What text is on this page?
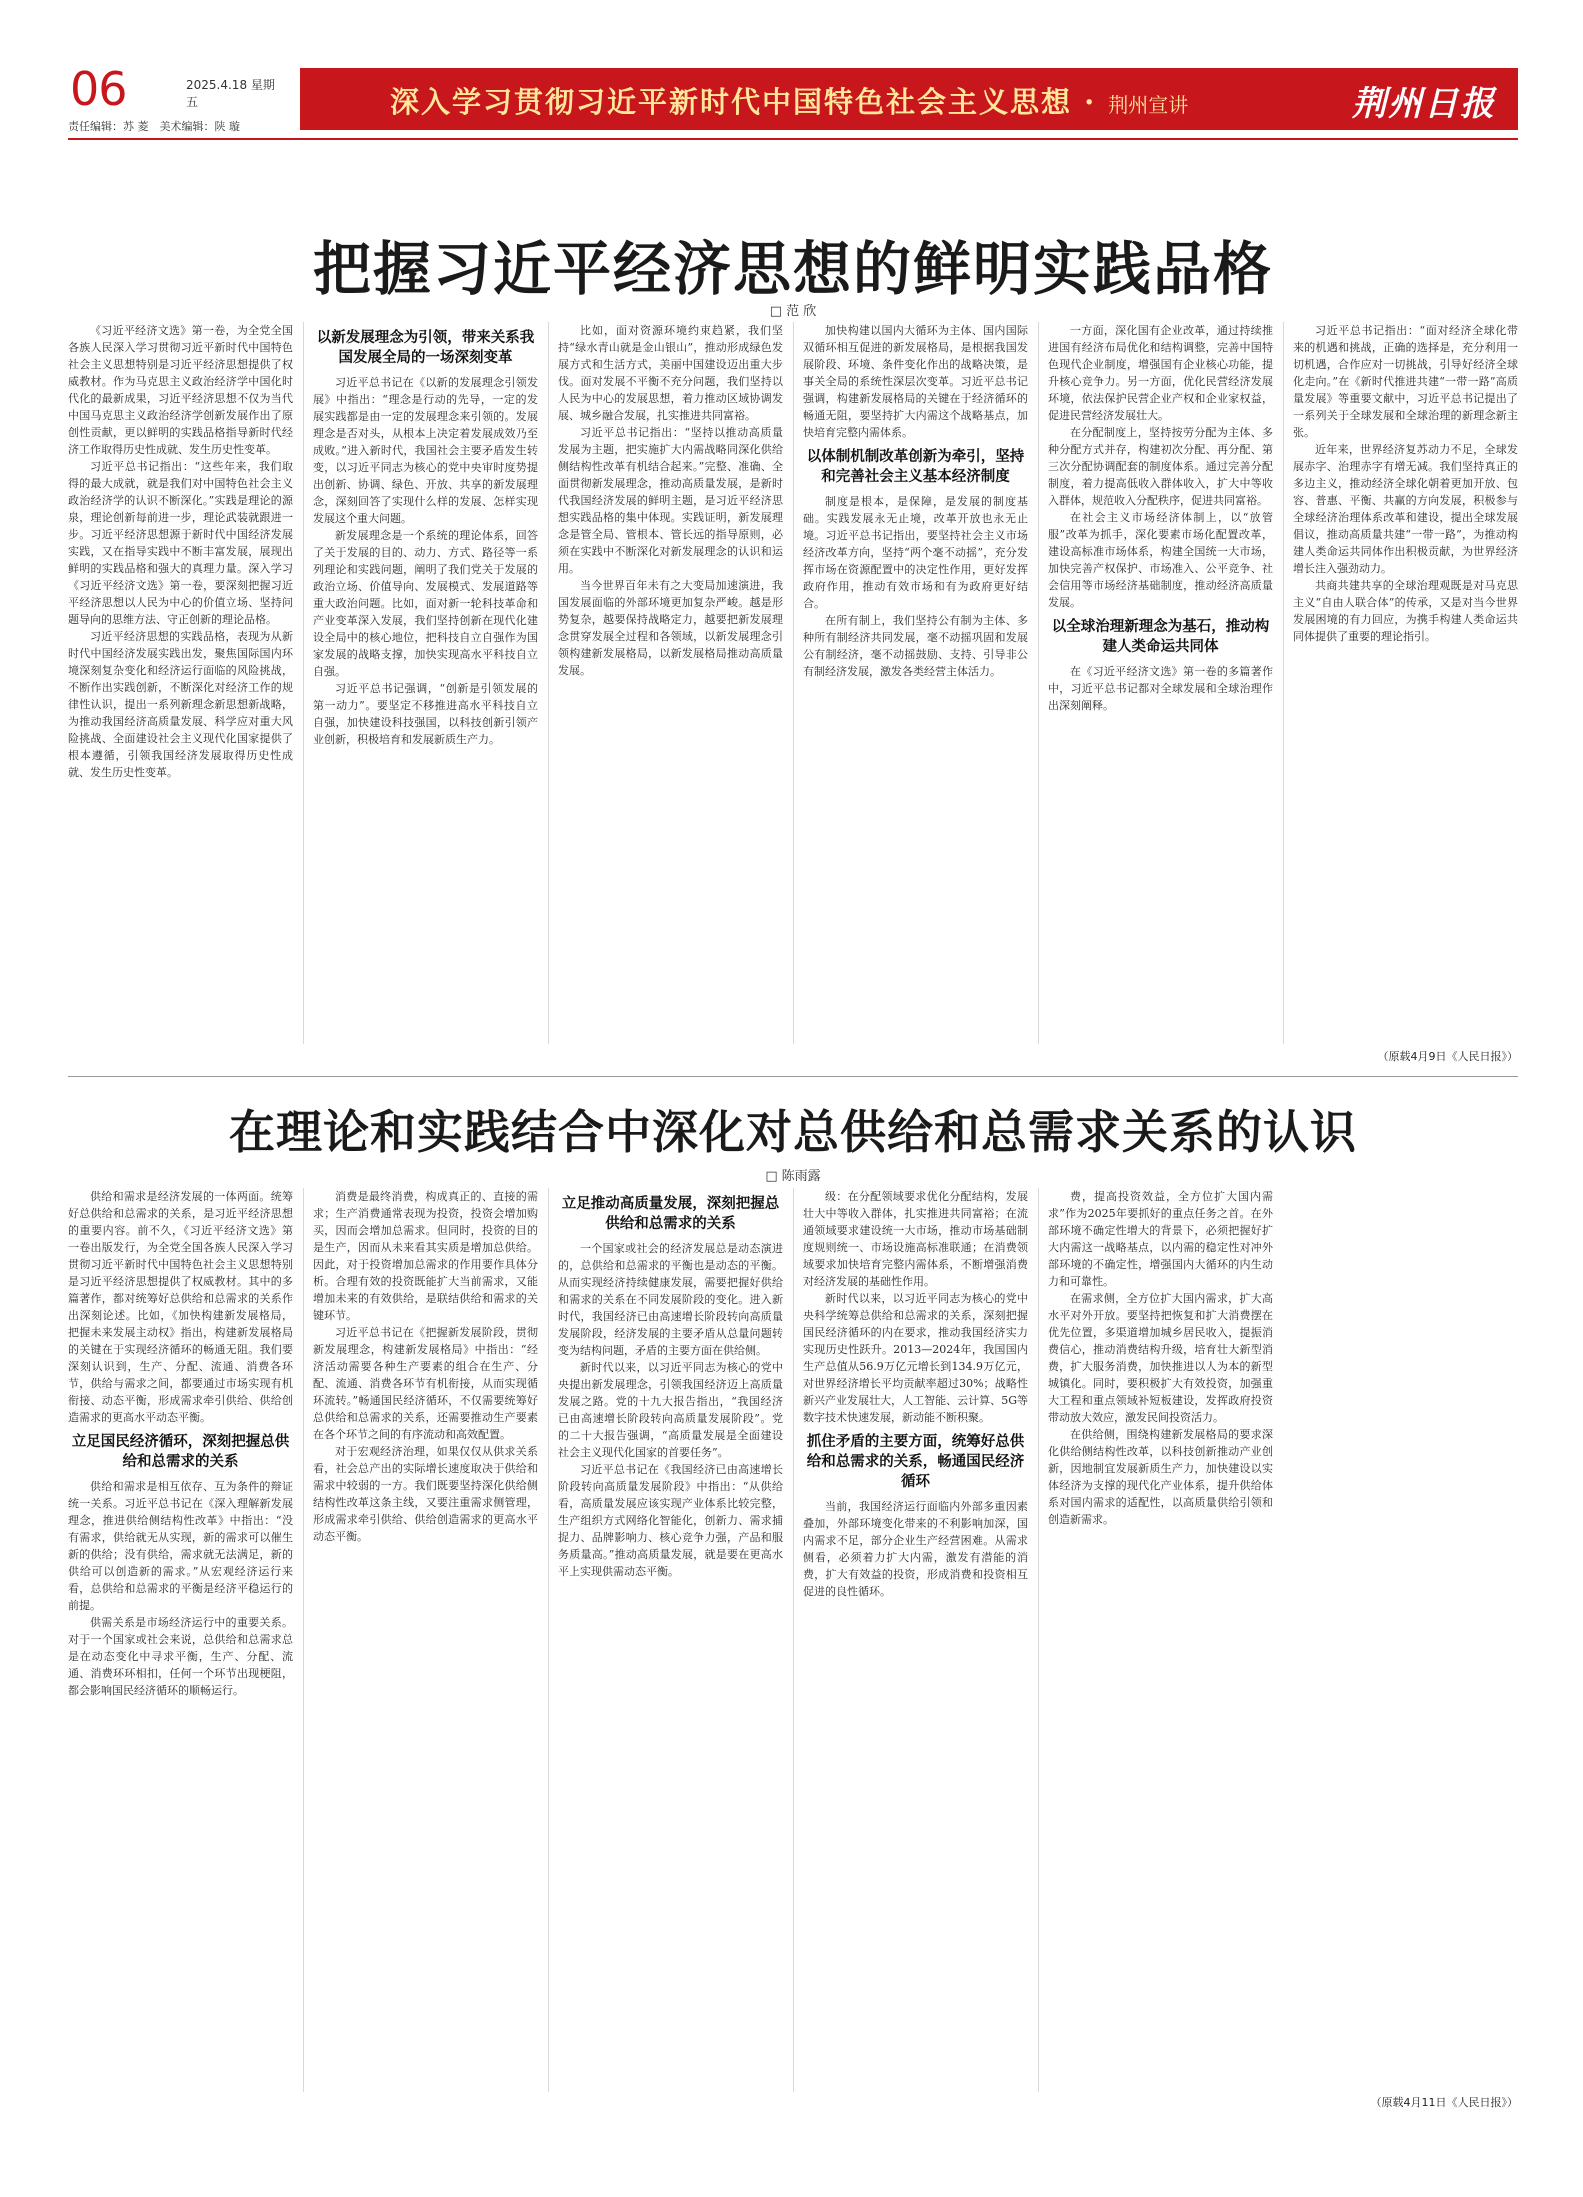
06	2025.4.18 星期五
责任编辑：苏 菱　美术编辑：陕 璇
深入学习贯彻习近平新时代中国特色社会主义思想 · 荆州宣讲	荆州日报
把握习近平经济思想的鲜明实践品格
□ 范 欣

《习近平经济文选》第一卷，为全党全国各族人民深入学习贯彻习近平新时代中国特色社会主义思想特别是习近平经济思想提供了权威教材。作为马克思主义政治经济学中国化时代化的最新成果，习近平经济思想不仅为当代中国马克思主义政治经济学创新发展作出了原创性贡献，更以鲜明的实践品格指导新时代经济工作取得历史性成就、发生历史性变革。

习近平总书记指出：“这些年来，我们取得的最大成就，就是我们对中国特色社会主义政治经济学的认识不断深化。”实践是理论的源泉，理论创新每前进一步，理论武装就跟进一步。习近平经济思想源于新时代中国经济发展实践，又在指导实践中不断丰富发展，展现出鲜明的实践品格和强大的真理力量。深入学习《习近平经济文选》第一卷，要深刻把握习近平经济思想以人民为中心的价值立场、坚持问题导向的思维方法、守正创新的理论品格。

习近平经济思想的实践品格，表现为从新时代中国经济发展实践出发，聚焦国际国内环境深刻复杂变化和经济运行面临的风险挑战，不断作出实践创新，不断深化对经济工作的规律性认识，提出一系列新理念新思想新战略，为推动我国经济高质量发展、科学应对重大风险挑战、全面建设社会主义现代化国家提供了根本遵循，引领我国经济发展取得历史性成就、发生历史性变革。

以新发展理念为引领，带来关系我国发展全局的一场深刻变革

习近平总书记在《以新的发展理念引领发展》中指出：“理念是行动的先导，一定的发展实践都是由一定的发展理念来引领的。发展理念是否对头，从根本上决定着发展成效乃至成败。”进入新时代，我国社会主要矛盾发生转变，以习近平同志为核心的党中央审时度势提出创新、协调、绿色、开放、共享的新发展理念，深刻回答了实现什么样的发展、怎样实现发展这个重大问题。

新发展理念是一个系统的理论体系，回答了关于发展的目的、动力、方式、路径等一系列理论和实践问题，阐明了我们党关于发展的政治立场、价值导向、发展模式、发展道路等重大政治问题。比如，面对新一轮科技革命和产业变革深入发展，我们坚持创新在现代化建设全局中的核心地位，把科技自立自强作为国家发展的战略支撑，加快实现高水平科技自立自强。

习近平总书记强调，“创新是引领发展的第一动力”。要坚定不移推进高水平科技自立自强，加快建设科技强国，以科技创新引领产业创新，积极培育和发展新质生产力。

比如，面对资源环境约束趋紧，我们坚持“绿水青山就是金山银山”，推动形成绿色发展方式和生活方式，美丽中国建设迈出重大步伐。面对发展不平衡不充分问题，我们坚持以人民为中心的发展思想，着力推动区域协调发展、城乡融合发展，扎实推进共同富裕。

习近平总书记指出：“坚持以推动高质量发展为主题，把实施扩大内需战略同深化供给侧结构性改革有机结合起来。”完整、准确、全面贯彻新发展理念，推动高质量发展，是新时代我国经济发展的鲜明主题，是习近平经济思想实践品格的集中体现。实践证明，新发展理念是管全局、管根本、管长远的指导原则，必须在实践中不断深化对新发展理念的认识和运用。

当今世界百年未有之大变局加速演进，我国发展面临的外部环境更加复杂严峻。越是形势复杂，越要保持战略定力，越要把新发展理念贯穿发展全过程和各领域，以新发展理念引领构建新发展格局，以新发展格局推动高质量发展。

加快构建以国内大循环为主体、国内国际双循环相互促进的新发展格局，是根据我国发展阶段、环境、条件变化作出的战略决策，是事关全局的系统性深层次变革。习近平总书记强调，构建新发展格局的关键在于经济循环的畅通无阻，要坚持扩大内需这个战略基点，加快培育完整内需体系。

以体制机制改革创新为牵引，坚持和完善社会主义基本经济制度

制度是根本，是保障，是发展的制度基础。实践发展永无止境，改革开放也永无止境。习近平总书记指出，要坚持社会主义市场经济改革方向，坚持“两个毫不动摇”，充分发挥市场在资源配置中的决定性作用，更好发挥政府作用，推动有效市场和有为政府更好结合。

在所有制上，我们坚持公有制为主体、多种所有制经济共同发展，毫不动摇巩固和发展公有制经济，毫不动摇鼓励、支持、引导非公有制经济发展，激发各类经营主体活力。

一方面，深化国有企业改革，通过持续推进国有经济布局优化和结构调整，完善中国特色现代企业制度，增强国有企业核心功能，提升核心竞争力。另一方面，优化民营经济发展环境，依法保护民营企业产权和企业家权益，促进民营经济发展壮大。

在分配制度上，坚持按劳分配为主体、多种分配方式并存，构建初次分配、再分配、第三次分配协调配套的制度体系。通过完善分配制度，着力提高低收入群体收入，扩大中等收入群体，规范收入分配秩序，促进共同富裕。

在社会主义市场经济体制上，以“放管服”改革为抓手，深化要素市场化配置改革，建设高标准市场体系，构建全国统一大市场，加快完善产权保护、市场准入、公平竞争、社会信用等市场经济基础制度，推动经济高质量发展。

以全球治理新理念为基石，推动构建人类命运共同体

在《习近平经济文选》第一卷的多篇著作中，习近平总书记都对全球发展和全球治理作出深刻阐释。

习近平总书记指出：“面对经济全球化带来的机遇和挑战，正确的选择是，充分利用一切机遇，合作应对一切挑战，引导好经济全球化走向。”在《新时代推进共建“一带一路”高质量发展》等重要文献中，习近平总书记提出了一系列关于全球发展和全球治理的新理念新主张。

近年来，世界经济复苏动力不足，全球发展赤字、治理赤字有增无减。我们坚持真正的多边主义，推动经济全球化朝着更加开放、包容、普惠、平衡、共赢的方向发展，积极参与全球经济治理体系改革和建设，提出全球发展倡议，推动高质量共建“一带一路”，为推动构建人类命运共同体作出积极贡献，为世界经济增长注入强劲动力。

共商共建共享的全球治理观既是对马克思主义“自由人联合体”的传承，又是对当今世界发展困境的有力回应，为携手构建人类命运共同体提供了重要的理论指引。

（原载4月9日《人民日报》）
在理论和实践结合中深化对总供给和总需求关系的认识
□ 陈雨露

供给和需求是经济发展的一体两面。统筹好总供给和总需求的关系，是习近平经济思想的重要内容。前不久，《习近平经济文选》第一卷出版发行，为全党全国各族人民深入学习贯彻习近平新时代中国特色社会主义思想特别是习近平经济思想提供了权威教材。其中的多篇著作，都对统筹好总供给和总需求的关系作出深刻论述。比如，《加快构建新发展格局，把握未来发展主动权》指出，构建新发展格局的关键在于实现经济循环的畅通无阻。我们要深刻认识到，生产、分配、流通、消费各环节，供给与需求之间，都要通过市场实现有机衔接、动态平衡，形成需求牵引供给、供给创造需求的更高水平动态平衡。

立足国民经济循环，深刻把握总供给和总需求的关系

供给和需求是相互依存、互为条件的辩证统一关系。习近平总书记在《深入理解新发展理念，推进供给侧结构性改革》中指出：“没有需求，供给就无从实现，新的需求可以催生新的供给；没有供给，需求就无法满足，新的供给可以创造新的需求。”从宏观经济运行来看，总供给和总需求的平衡是经济平稳运行的前提。

供需关系是市场经济运行中的重要关系。对于一个国家或社会来说，总供给和总需求总是在动态变化中寻求平衡，生产、分配、流通、消费环环相扣，任何一个环节出现梗阻，都会影响国民经济循环的顺畅运行。

消费是最终消费，构成真正的、直接的需求；生产消费通常表现为投资，投资会增加购买，因而会增加总需求。但同时，投资的目的是生产，因而从未来看其实质是增加总供给。因此，对于投资增加总需求的作用要作具体分析。合理有效的投资既能扩大当前需求，又能增加未来的有效供给，是联结供给和需求的关键环节。

习近平总书记在《把握新发展阶段，贯彻新发展理念，构建新发展格局》中指出：“经济活动需要各种生产要素的组合在生产、分配、流通、消费各环节有机衔接，从而实现循环流转。”畅通国民经济循环，不仅需要统筹好总供给和总需求的关系，还需要推动生产要素在各个环节之间的有序流动和高效配置。

对于宏观经济治理，如果仅仅从供求关系看，社会总产出的实际增长速度取决于供给和需求中较弱的一方。我们既要坚持深化供给侧结构性改革这条主线，又要注重需求侧管理，形成需求牵引供给、供给创造需求的更高水平动态平衡。

立足推动高质量发展，深刻把握总供给和总需求的关系

一个国家或社会的经济发展总是动态演进的，总供给和总需求的平衡也是动态的平衡。从而实现经济持续健康发展，需要把握好供给和需求的关系在不同发展阶段的变化。进入新时代，我国经济已由高速增长阶段转向高质量发展阶段，经济发展的主要矛盾从总量问题转变为结构问题，矛盾的主要方面在供给侧。

新时代以来，以习近平同志为核心的党中央提出新发展理念，引领我国经济迈上高质量发展之路。党的十九大报告指出，“我国经济已由高速增长阶段转向高质量发展阶段”。党的二十大报告强调，“高质量发展是全面建设社会主义现代化国家的首要任务”。

习近平总书记在《我国经济已由高速增长阶段转向高质量发展阶段》中指出：“从供给看，高质量发展应该实现产业体系比较完整，生产组织方式网络化智能化，创新力、需求捕捉力、品牌影响力、核心竞争力强，产品和服务质量高。”推动高质量发展，就是要在更高水平上实现供需动态平衡。

级：在分配领域要求优化分配结构，发展壮大中等收入群体，扎实推进共同富裕；在流通领域要求建设统一大市场，推动市场基础制度规则统一、市场设施高标准联通；在消费领域要求加快培育完整内需体系，不断增强消费对经济发展的基础性作用。

新时代以来，以习近平同志为核心的党中央科学统筹总供给和总需求的关系，深刻把握国民经济循环的内在要求，推动我国经济实力实现历史性跃升。2013—2024年，我国国内生产总值从56.9万亿元增长到134.9万亿元，对世界经济增长平均贡献率超过30%；战略性新兴产业发展壮大，人工智能、云计算、5G等数字技术快速发展，新动能不断积聚。

抓住矛盾的主要方面，统筹好总供给和总需求的关系，畅通国民经济循环

当前，我国经济运行面临内外部多重因素叠加，外部环境变化带来的不利影响加深，国内需求不足，部分企业生产经营困难。从需求侧看，必须着力扩大内需，激发有潜能的消费，扩大有效益的投资，形成消费和投资相互促进的良性循环。

费，提高投资效益，全方位扩大国内需求”作为2025年要抓好的重点任务之首。在外部环境不确定性增大的背景下，必须把握好扩大内需这一战略基点，以内需的稳定性对冲外部环境的不确定性，增强国内大循环的内生动力和可靠性。

在需求侧，全方位扩大国内需求，扩大高水平对外开放。要坚持把恢复和扩大消费摆在优先位置，多渠道增加城乡居民收入，提振消费信心，推动消费结构升级，培育壮大新型消费，扩大服务消费，加快推进以人为本的新型城镇化。同时，要积极扩大有效投资，加强重大工程和重点领域补短板建设，发挥政府投资带动放大效应，激发民间投资活力。

在供给侧，围绕构建新发展格局的要求深化供给侧结构性改革，以科技创新推动产业创新，因地制宜发展新质生产力，加快建设以实体经济为支撑的现代化产业体系，提升供给体系对国内需求的适配性，以高质量供给引领和创造新需求。

（原载4月11日《人民日报》）
